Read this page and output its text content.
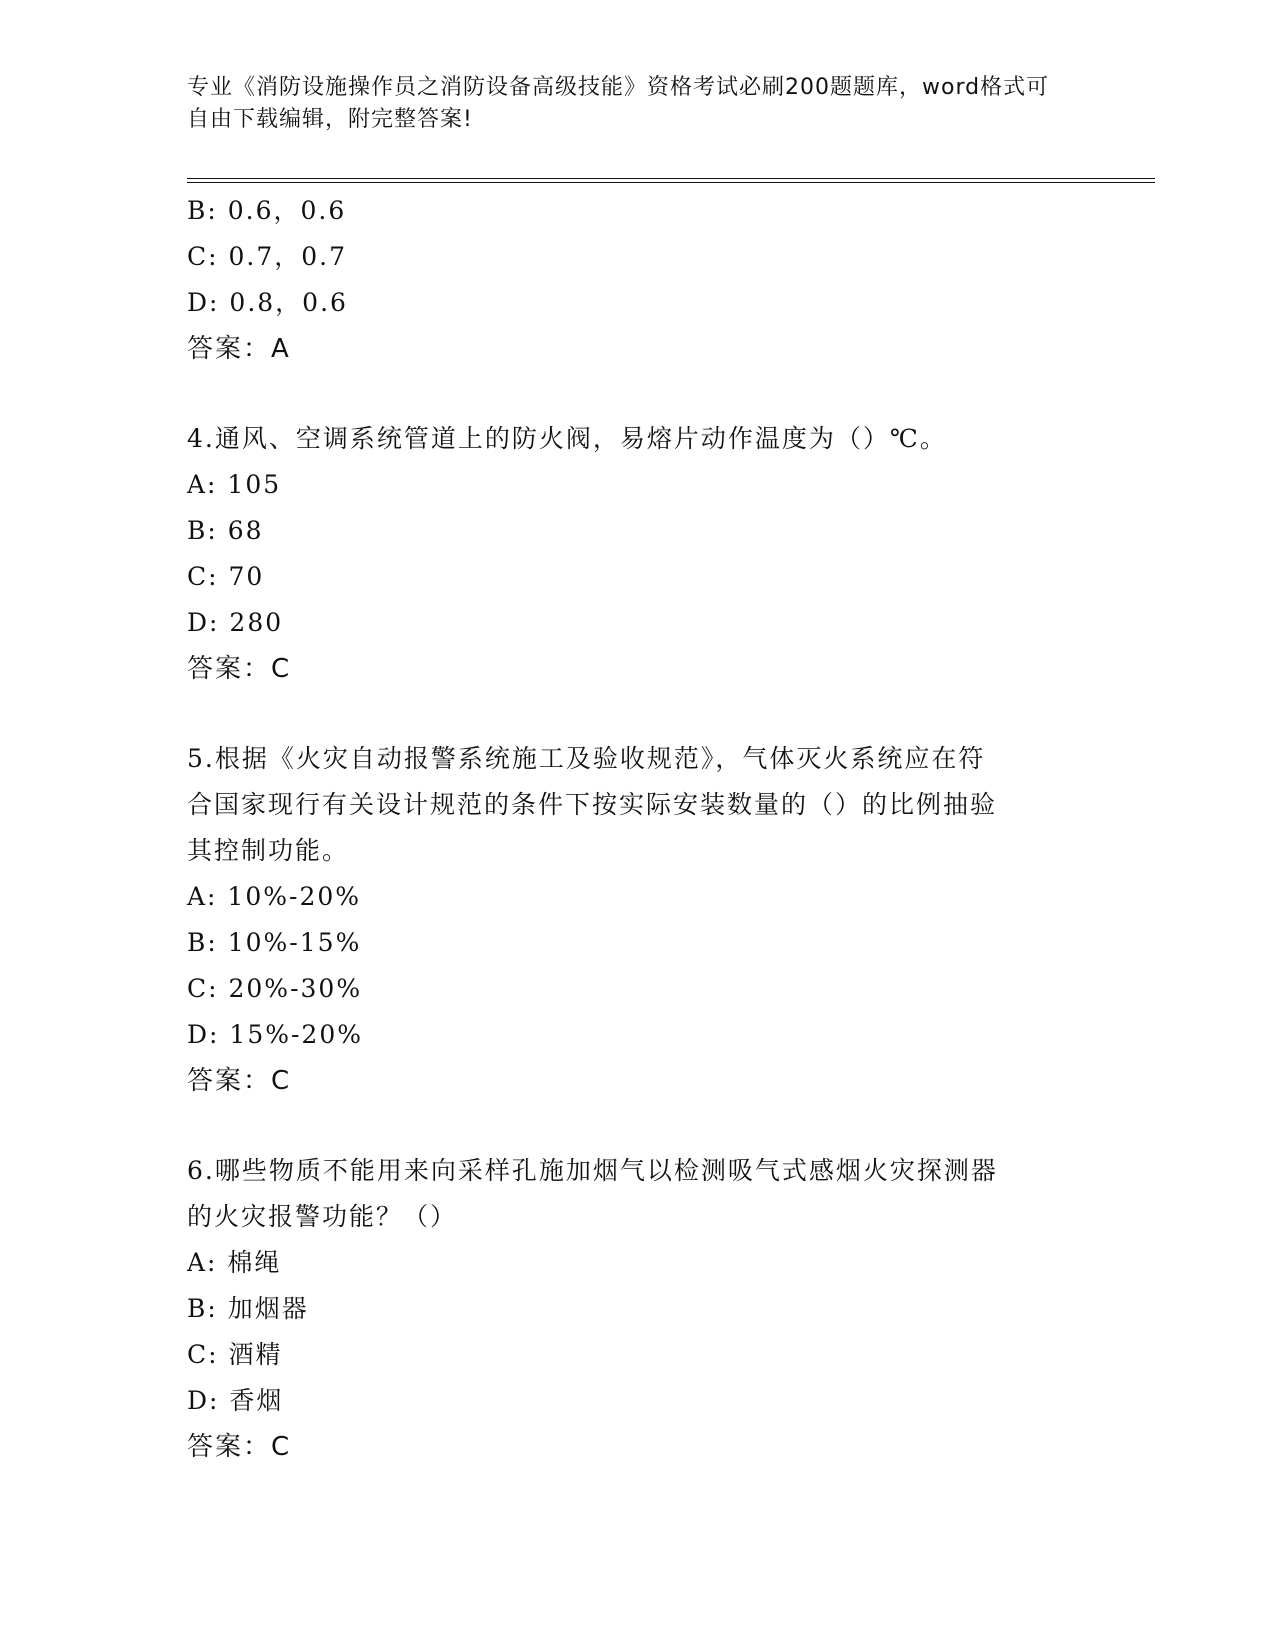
专业《消防设施操作员之消防设备高级技能》资格考试必刷200题题库，word格式可自由下载编辑，附完整答案!
B: 0.6，0.6
C: 0.7，0.7
D: 0.8，0.6
答案：A
4.通风、空调系统管道上的防火阀，易熔片动作温度为（）℃。
A: 105
B: 68
C: 70
D: 280
答案：C
5.根据《火灾自动报警系统施工及验收规范》，气体灭火系统应在符
合国家现行有关设计规范的条件下按实际安装数量的（）的比例抽验
其控制功能。
A: 10%-20%
B: 10%-15%
C: 20%-30%
D: 15%-20%
答案：C
6.哪些物质不能用来向采样孔施加烟气以检测吸气式感烟火灾探测器
的火灾报警功能？（）
A: 棉绳
B: 加烟器
C: 酒精
D: 香烟
答案：C
